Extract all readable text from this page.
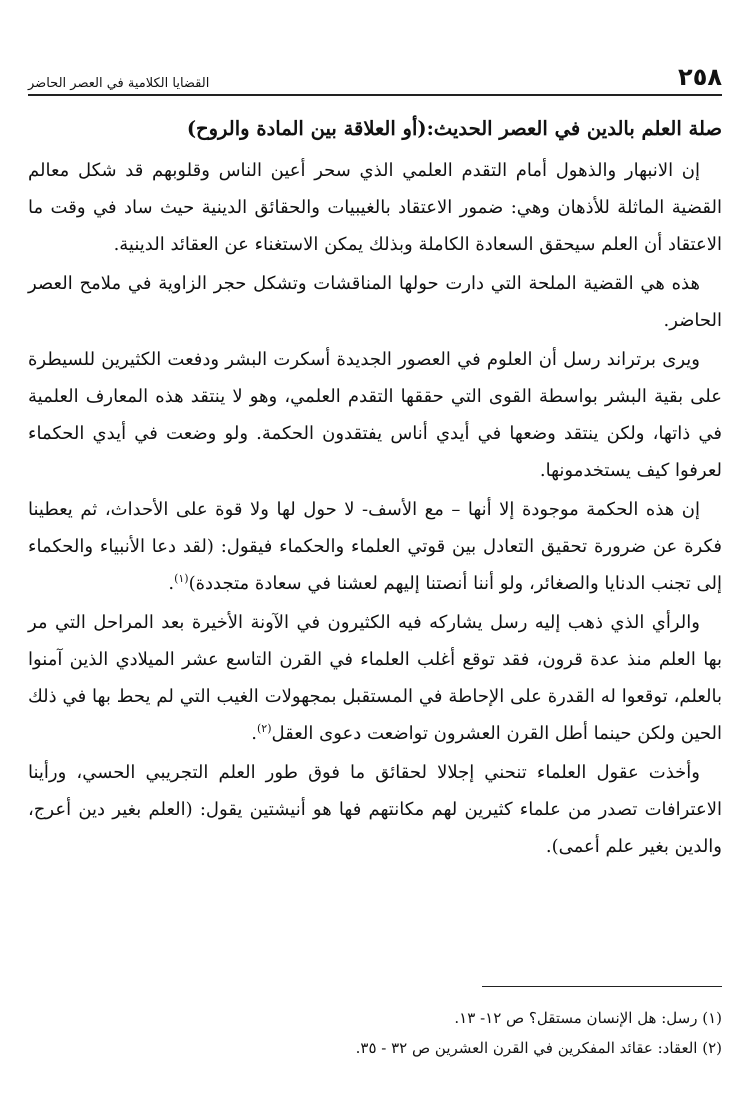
٢٥٨
القضايا الكلامية في العصر الحاضر
صلة العلم بالدين في العصر الحديث:(أو العلاقة بين المادة والروح)

إن الانبهار والذهول أمام التقدم العلمي الذي سحر أعين الناس وقلوبهم قد شكل معالم القضية الماثلة للأذهان وهي: ضمور الاعتقاد بالغيبيات والحقائق الدينية حيث ساد في وقت ما الاعتقاد أن العلم سيحقق السعادة الكاملة وبذلك يمكن الاستغناء عن العقائد الدينية.

هذه هي القضية الملحة التي دارت حولها المناقشات وتشكل حجر الزاوية في ملامح العصر الحاضر.

ويرى برتراند رسل أن العلوم في العصور الجديدة أسكرت البشر ودفعت الكثيرين للسيطرة على بقية البشر بواسطة القوى التي حققها التقدم العلمي، وهو لا ينتقد هذه المعارف العلمية في ذاتها، ولكن ينتقد وضعها في أيدي أناس يفتقدون الحكمة. ولو وضعت في أيدي الحكماء لعرفوا كيف يستخدمونها.

إن هذه الحكمة موجودة إلا أنها – مع الأسف- لا حول لها ولا قوة على الأحداث، ثم يعطينا فكرة عن ضرورة تحقيق التعادل بين قوتي العلماء والحكماء فيقول: (لقد دعا الأنبياء والحكماء إلى تجنب الدنايا والصغائر، ولو أننا أنصتنا إليهم لعشنا في سعادة متجددة)$^{(١)}$.

والرأي الذي ذهب إليه رسل يشاركه فيه الكثيرون في الآونة الأخيرة بعد المراحل التي مر بها العلم منذ عدة قرون، فقد توقع أغلب العلماء في القرن التاسع عشر الميلادي الذين آمنوا بالعلم، توقعوا له القدرة على الإحاطة في المستقبل بمجهولات الغيب التي لم يحط بها في ذلك الحين ولكن حينما أطل القرن العشرون تواضعت دعوى العقل$^{(٢)}$.

وأخذت عقول العلماء تنحني إجلالا لحقائق ما فوق طور العلم التجريبي الحسي، ورأينا الاعترافات تصدر من علماء كثيرين لهم مكانتهم فها هو أنيشتين يقول: (العلم بغير دين أعرج، والدين بغير علم أعمى).

(١) رسل: هل الإنسان مستقل؟ ص ١٢- ١٣.
(٢) العقاد: عقائد المفكرين في القرن العشرين ص ٣٢ - ٣٥.
